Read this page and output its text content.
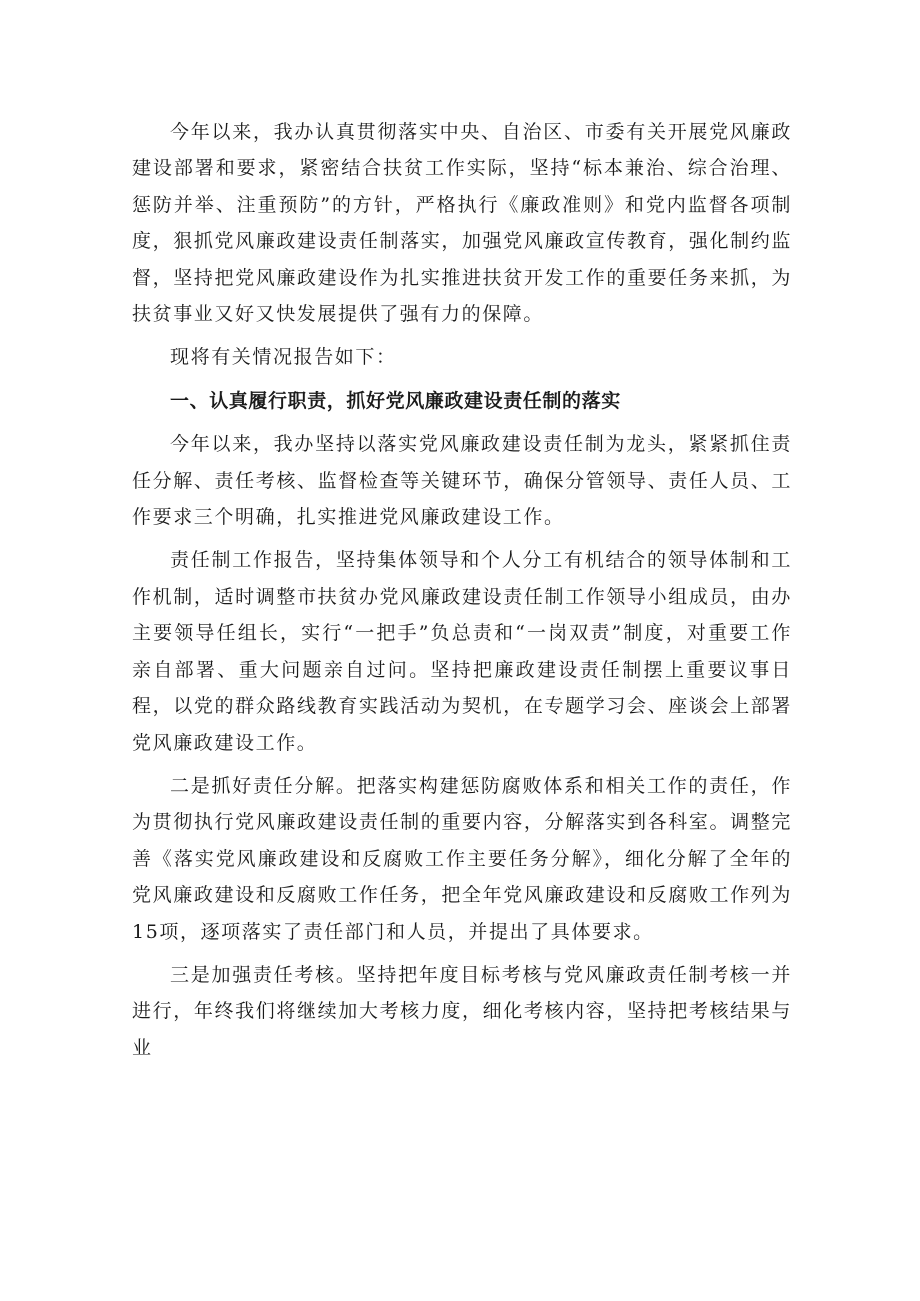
今年以来，我办认真贯彻落实中央、自治区、市委有关开展党风廉政建设部署和要求，紧密结合扶贫工作实际，坚持“标本兼治、综合治理、惩防并举、注重预防”的方针，严格执行《廉政准则》和党内监督各项制度，狠抓党风廉政建设责任制落实，加强党风廉政宣传教育，强化制约监督，坚持把党风廉政建设作为扎实推进扶贫开发工作的重要任务来抓，为扶贫事业又好又快发展提供了强有力的保障。

现将有关情况报告如下：

一、认真履行职责，抓好党风廉政建设责任制的落实

今年以来，我办坚持以落实党风廉政建设责任制为龙头，紧紧抓住责任分解、责任考核、监督检查等关键环节，确保分管领导、责任人员、工作要求三个明确，扎实推进党风廉政建设工作。

责任制工作报告，坚持集体领导和个人分工有机结合的领导体制和工作机制，适时调整市扶贫办党风廉政建设责任制工作领导小组成员，由办主要领导任组长，实行“一把手”负总责和“一岗双责”制度，对重要工作亲自部署、重大问题亲自过问。坚持把廉政建设责任制摆上重要议事日程，以党的群众路线教育实践活动为契机，在专题学习会、座谈会上部署党风廉政建设工作。

二是抓好责任分解。把落实构建惩防腐败体系和相关工作的责任，作为贯彻执行党风廉政建设责任制的重要内容，分解落实到各科室。调整完善《落实党风廉政建设和反腐败工作主要任务分解》，细化分解了全年的党风廉政建设和反腐败工作任务，把全年党风廉政建设和反腐败工作列为15项，逐项落实了责任部门和人员，并提出了具体要求。

三是加强责任考核。坚持把年度目标考核与党风廉政责任制考核一并进行，年终我们将继续加大考核力度，细化考核内容，坚持把考核结果与业
